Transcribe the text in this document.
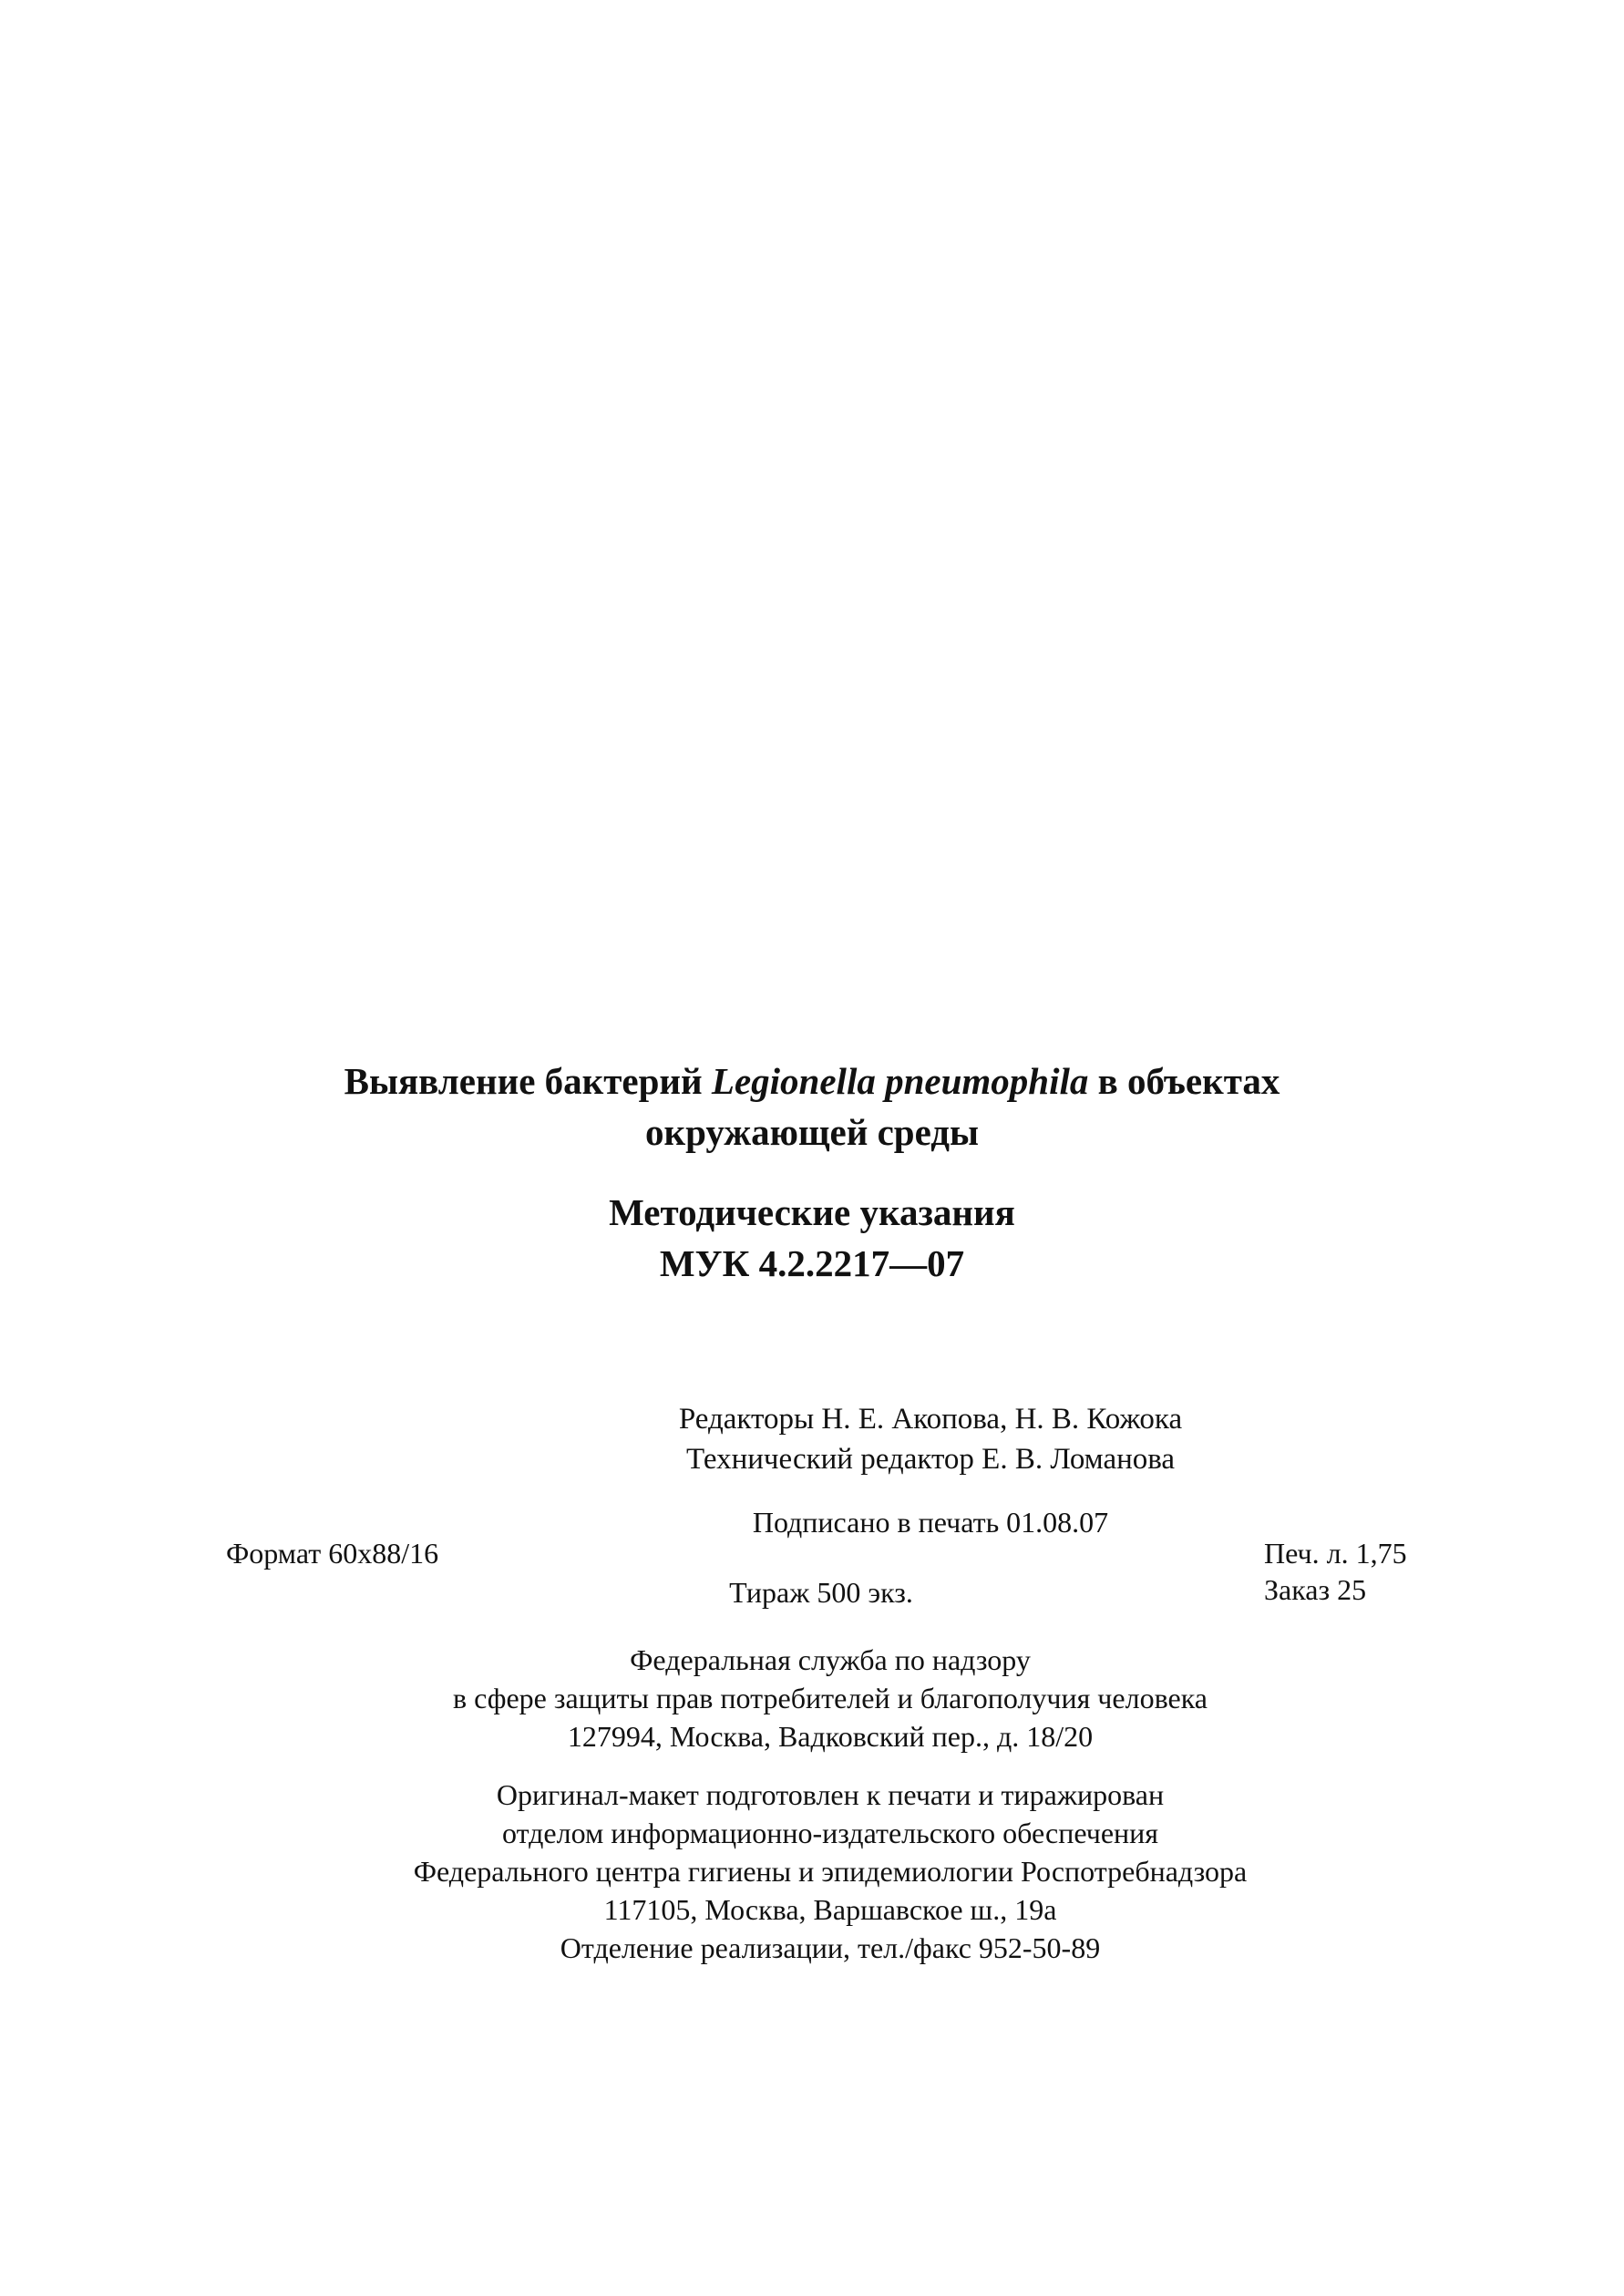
Выявление бактерий Legionella pneumophila в объектах
окружающей среды
Методические указания
МУК 4.2.2217—07
Редакторы Н. Е. Акопова, Н. В. Кожока
Технический редактор Е. В. Ломанова
Подписано в печать 01.08.07
Формат 60x88/16	Печ. л. 1,75
Заказ 25
Тираж 500 экз.
Федеральная служба по надзору
в сфере защиты прав потребителей и благополучия человека
127994, Москва, Вадковский пер., д. 18/20
Оригинал-макет подготовлен к печати и тиражирован
отделом информационно-издательского обеспечения
Федерального центра гигиены и эпидемиологии Роспотребнадзора
117105, Москва, Варшавское ш., 19а
Отделение реализации, тел./факс 952-50-89
